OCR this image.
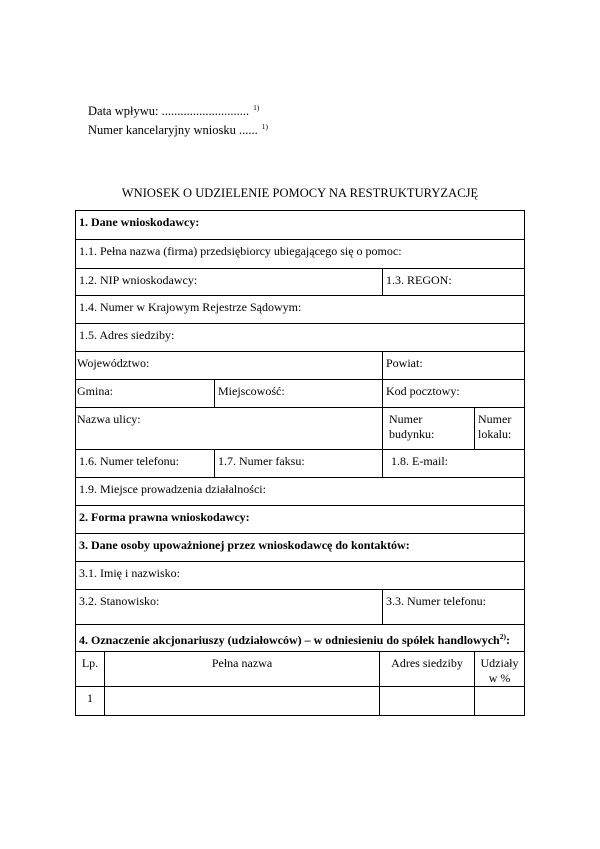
Data wpływu: ............................ $^{1)}$
Numer kancelaryjny wniosku ...... $^{1)}$
WNIOSEK O UDZIELENIE POMOCY NA RESTRUKTURYZACJĘ
1. Dane wnioskodawcy:					
1.1. Pełna nazwa (firma) przedsiębiorcy ubiegającego się o pomoc:					
1.2. NIP wnioskodawcy:				1.3. REGON:	
1.4. Numer w Krajowym Rejestrze Sądowym:					
1.5. Adres siedziby:					
Województwo:				Powiat:	
Gmina:		Miejscowość:		Kod pocztowy:	
Nazwa ulicy:				Numer budynku:	Numer lokalu:
1.6. Numer telefonu:		1.7. Numer faksu:		1.8. E-mail:	
1.9. Miejsce prowadzenia działalności:					
2. Forma prawna wnioskodawcy:					
3. Dane osoby upoważnionej przez wnioskodawcę do kontaktów:					
3.1. Imię i nazwisko:					
3.2. Stanowisko:				3.3. Numer telefonu:	
4. Oznaczenie akcjonariuszy (udziałowców) – w odniesieniu do spółek handlowych$^{2)}$:					
Lp.	Pełna nazwa		Adres siedziby		Udziały w %
1					
